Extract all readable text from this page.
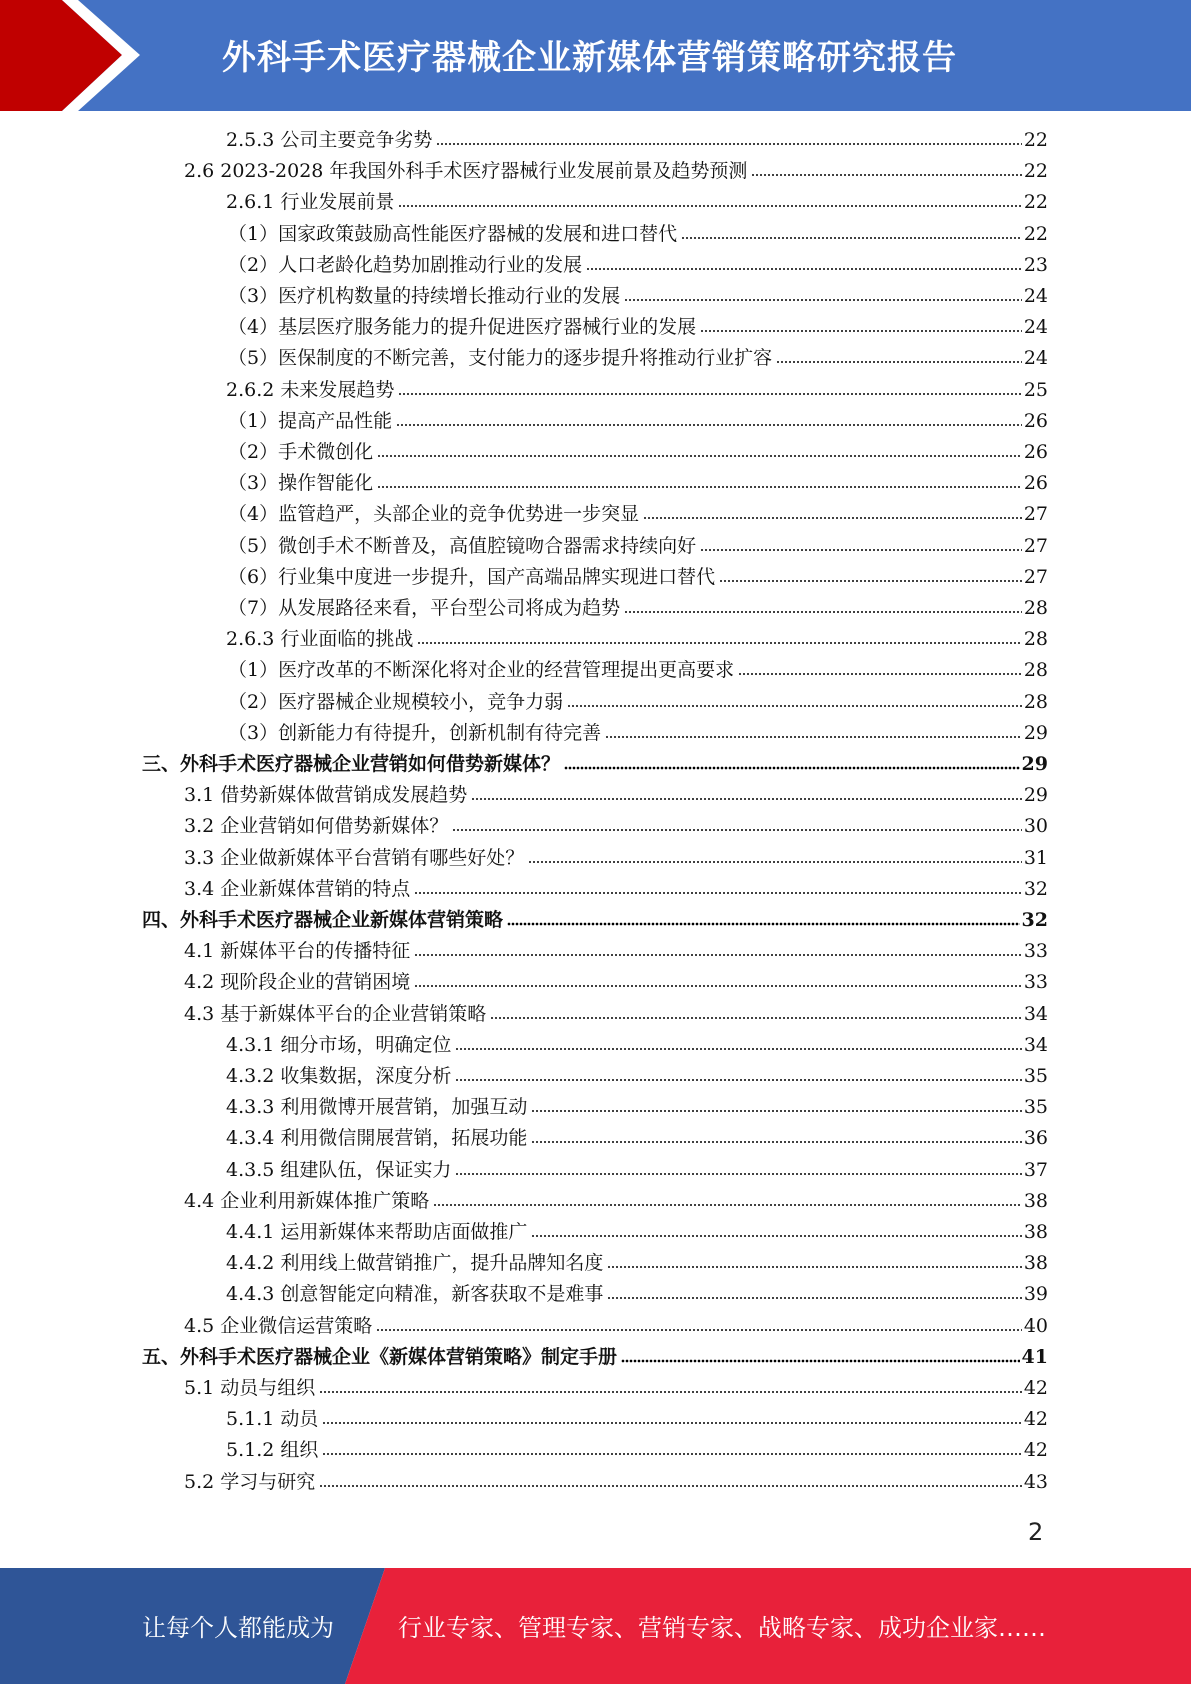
外科手术医疗器械企业新媒体营销策略研究报告
2.5.3 公司主要竞争劣势	22
2.6 2023-2028 年我国外科手术医疗器械行业发展前景及趋势预测	22
2.6.1 行业发展前景	22
（1）国家政策鼓励高性能医疗器械的发展和进口替代	22
（2）人口老龄化趋势加剧推动行业的发展	23
（3）医疗机构数量的持续增长推动行业的发展	24
（4）基层医疗服务能力的提升促进医疗器械行业的发展	24
（5）医保制度的不断完善，支付能力的逐步提升将推动行业扩容	24
2.6.2 未来发展趋势	25
（1）提高产品性能	26
（2）手术微创化	26
（3）操作智能化	26
（4）监管趋严，头部企业的竞争优势进一步突显	27
（5）微创手术不断普及，高值腔镜吻合器需求持续向好	27
（6）行业集中度进一步提升，国产高端品牌实现进口替代	27
（7）从发展路径来看，平台型公司将成为趋势	28
2.6.3 行业面临的挑战	28
（1）医疗改革的不断深化将对企业的经营管理提出更高要求	28
（2）医疗器械企业规模较小，竞争力弱	28
（3）创新能力有待提升，创新机制有待完善	29
三、外科手术医疗器械企业营销如何借势新媒体？	29
3.1 借势新媒体做营销成发展趋势	29
3.2 企业营销如何借势新媒体？	30
3.3 企业做新媒体平台营销有哪些好处？	31
3.4 企业新媒体营销的特点	32
四、外科手术医疗器械企业新媒体营销策略	32
4.1 新媒体平台的传播特征	33
4.2 现阶段企业的营销困境	33
4.3 基于新媒体平台的企业营销策略	34
4.3.1 细分市场，明确定位	34
4.3.2 收集数据，深度分析	35
4.3.3 利用微博开展营销，加强互动	35
4.3.4 利用微信開展营销，拓展功能	36
4.3.5 组建队伍，保证实力	37
4.4 企业利用新媒体推广策略	38
4.4.1 运用新媒体来帮助店面做推广	38
4.4.2 利用线上做营销推广，提升品牌知名度	38
4.4.3 创意智能定向精准，新客获取不是难事	39
4.5 企业微信运营策略	40
五、外科手术医疗器械企业《新媒体营销策略》制定手册	41
5.1 动员与组织	42
5.1.1 动员	42
5.1.2 组织	42
5.2 学习与研究	43
2
让每个人都能成为	行业专家、管理专家、营销专家、战略专家、成功企业家……
